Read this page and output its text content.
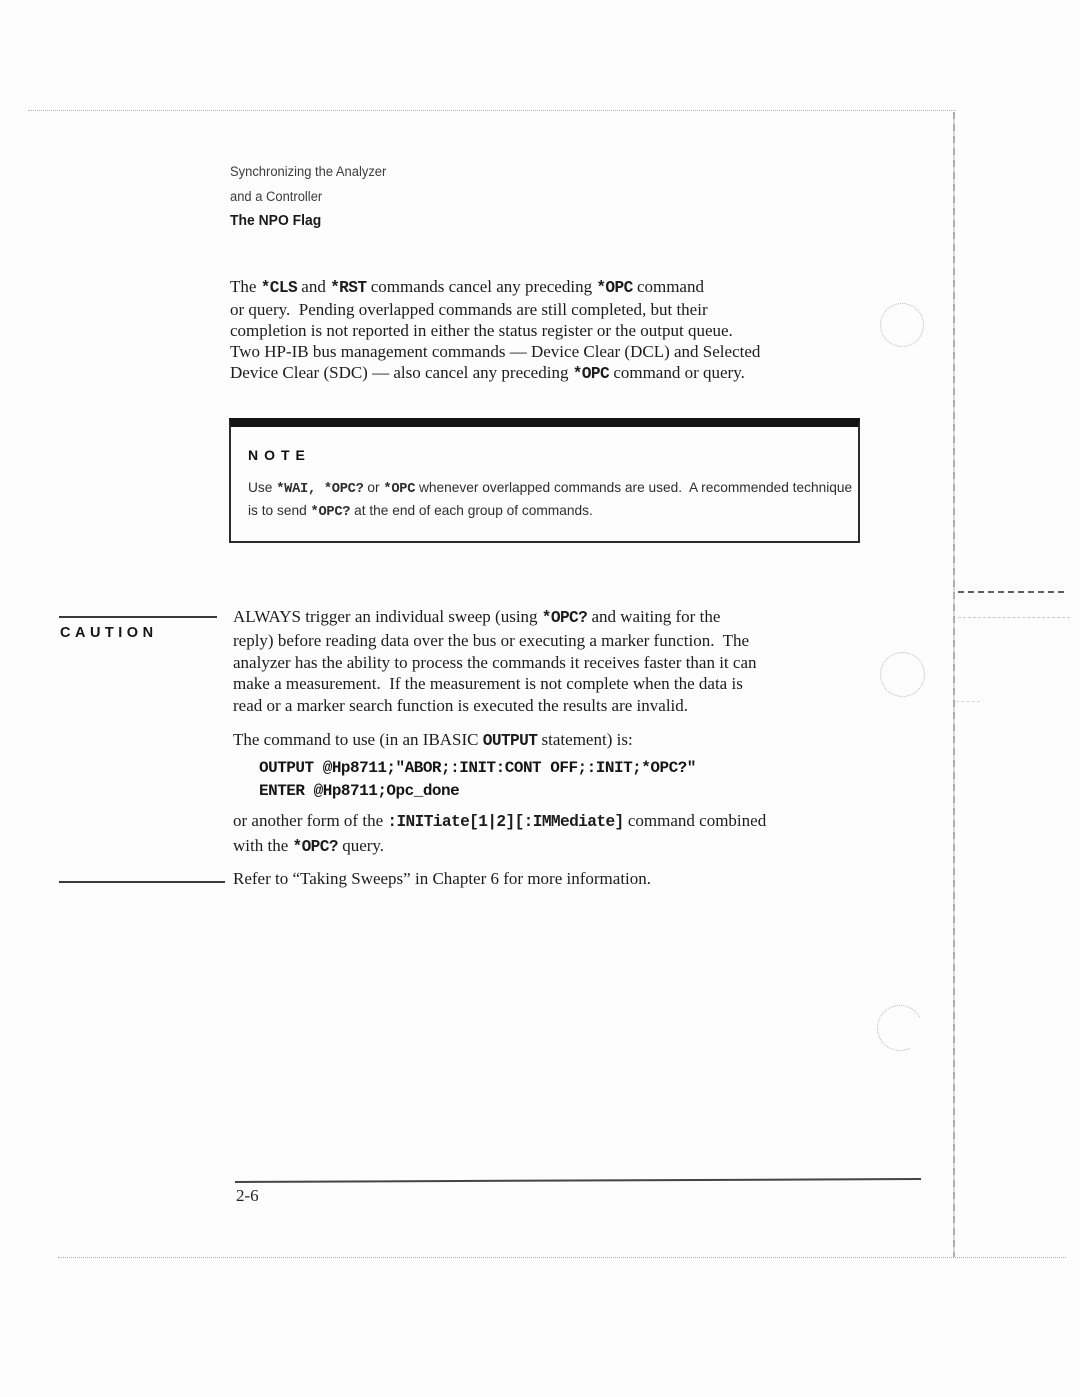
Synchronizing the Analyzer
and a Controller
The NPO Flag
The *CLS and *RST commands cancel any preceding *OPC command
or query.  Pending overlapped commands are still completed, but their
completion is not reported in either the status register or the output queue.
Two HP-IB bus management commands — Device Clear (DCL) and Selected
Device Clear (SDC) — also cancel any preceding *OPC command or query.
NOTE
Use *WAI, *OPC? or *OPC whenever overlapped commands are used.  A recommended technique
is to send *OPC? at the end of each group of commands.
CAUTION
ALWAYS trigger an individual sweep (using *OPC? and waiting for the
reply) before reading data over the bus or executing a marker function.  The
analyzer has the ability to process the commands it receives faster than it can
make a measurement.  If the measurement is not complete when the data is
read or a marker search function is executed the results are invalid.
The command to use (in an IBASIC OUTPUT statement) is:
OUTPUT @Hp8711;"ABOR;:INIT:CONT OFF;:INIT;*OPC?"
ENTER @Hp8711;Opc_done
or another form of the :INITiate[1|2][:IMMediate] command combined
with the *OPC? query.
Refer to “Taking Sweeps” in Chapter 6 for more information.
2-6
